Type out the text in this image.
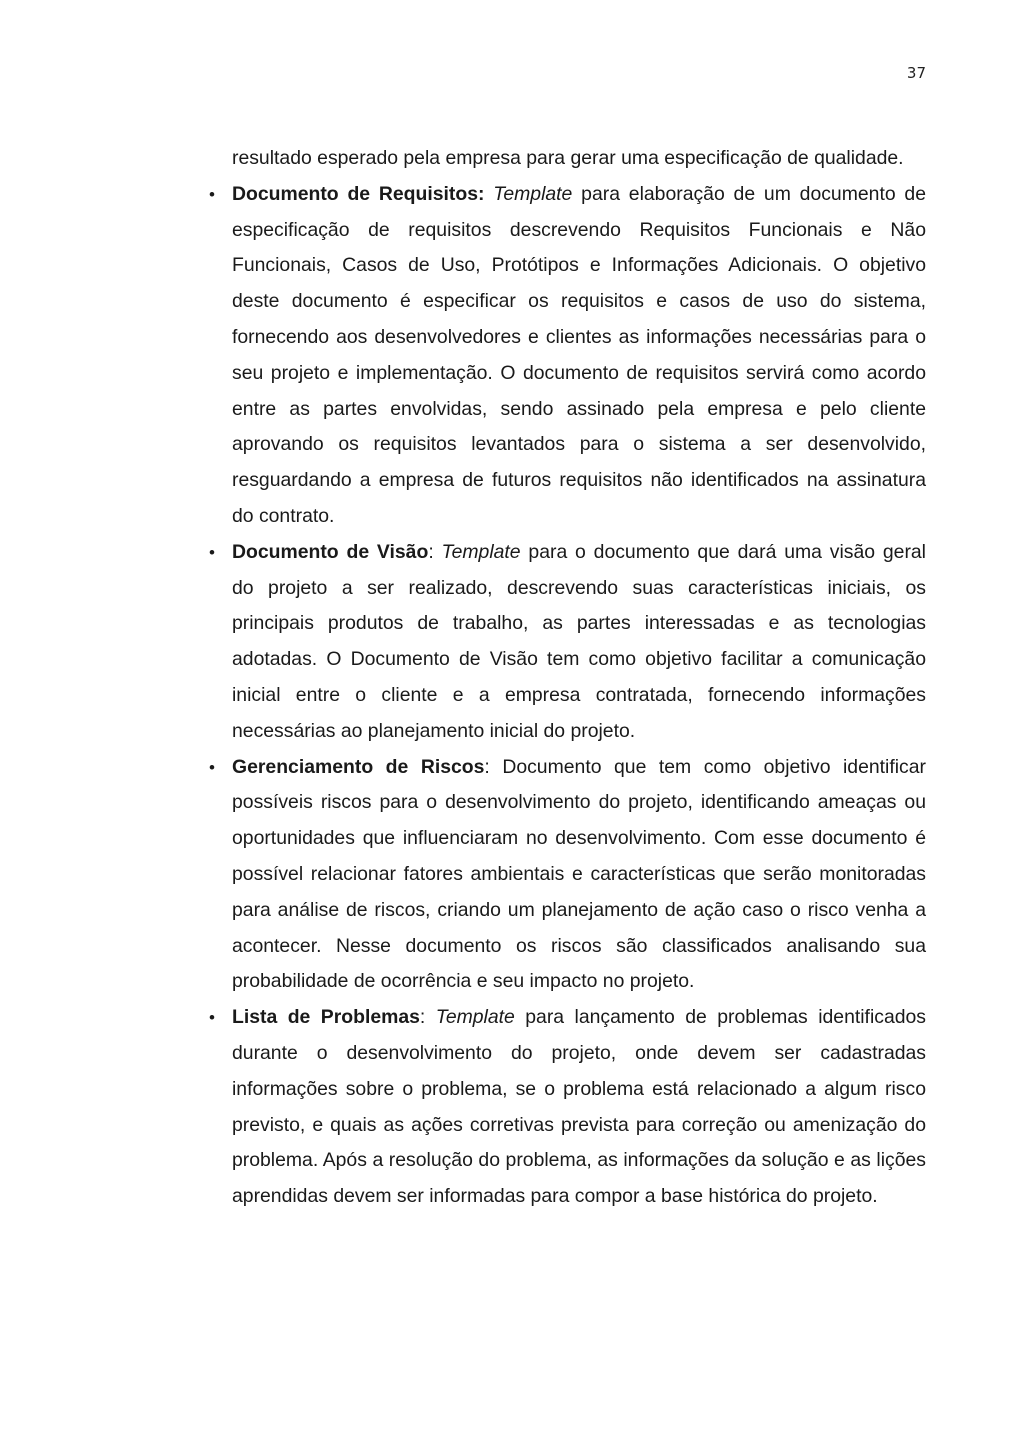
37

resultado esperado pela empresa para gerar uma especificação de qualidade.

• Documento de Requisitos: Template para elaboração de um documento de especificação de requisitos descrevendo Requisitos Funcionais e Não Funcionais, Casos de Uso, Protótipos e Informações Adicionais. O objetivo deste documento é especificar os requisitos e casos de uso do sistema, fornecendo aos desenvolvedores e clientes as informações necessárias para o seu projeto e implementação. O documento de requisitos servirá como acordo entre as partes envolvidas, sendo assinado pela empresa e pelo cliente aprovando os requisitos levantados para o sistema a ser desenvolvido, resguardando a empresa de futuros requisitos não identificados na assinatura do contrato.
• Documento de Visão: Template para o documento que dará uma visão geral do projeto a ser realizado, descrevendo suas características iniciais, os principais produtos de trabalho, as partes interessadas e as tecnologias adotadas. O Documento de Visão tem como objetivo facilitar a comunicação inicial entre o cliente e a empresa contratada, fornecendo informações necessárias ao planejamento inicial do projeto.
• Gerenciamento de Riscos: Documento que tem como objetivo identificar possíveis riscos para o desenvolvimento do projeto, identificando ameaças ou oportunidades que influenciaram no desenvolvimento. Com esse documento é possível relacionar fatores ambientais e características que serão monitoradas para análise de riscos, criando um planejamento de ação caso o risco venha a acontecer. Nesse documento os riscos são classificados analisando sua probabilidade de ocorrência e seu impacto no projeto.
• Lista de Problemas: Template para lançamento de problemas identificados durante o desenvolvimento do projeto, onde devem ser cadastradas informações sobre o problema, se o problema está relacionado a algum risco previsto, e quais as ações corretivas prevista para correção ou amenização do problema. Após a resolução do problema, as informações da solução e as lições aprendidas devem ser informadas para compor a base histórica do projeto.
